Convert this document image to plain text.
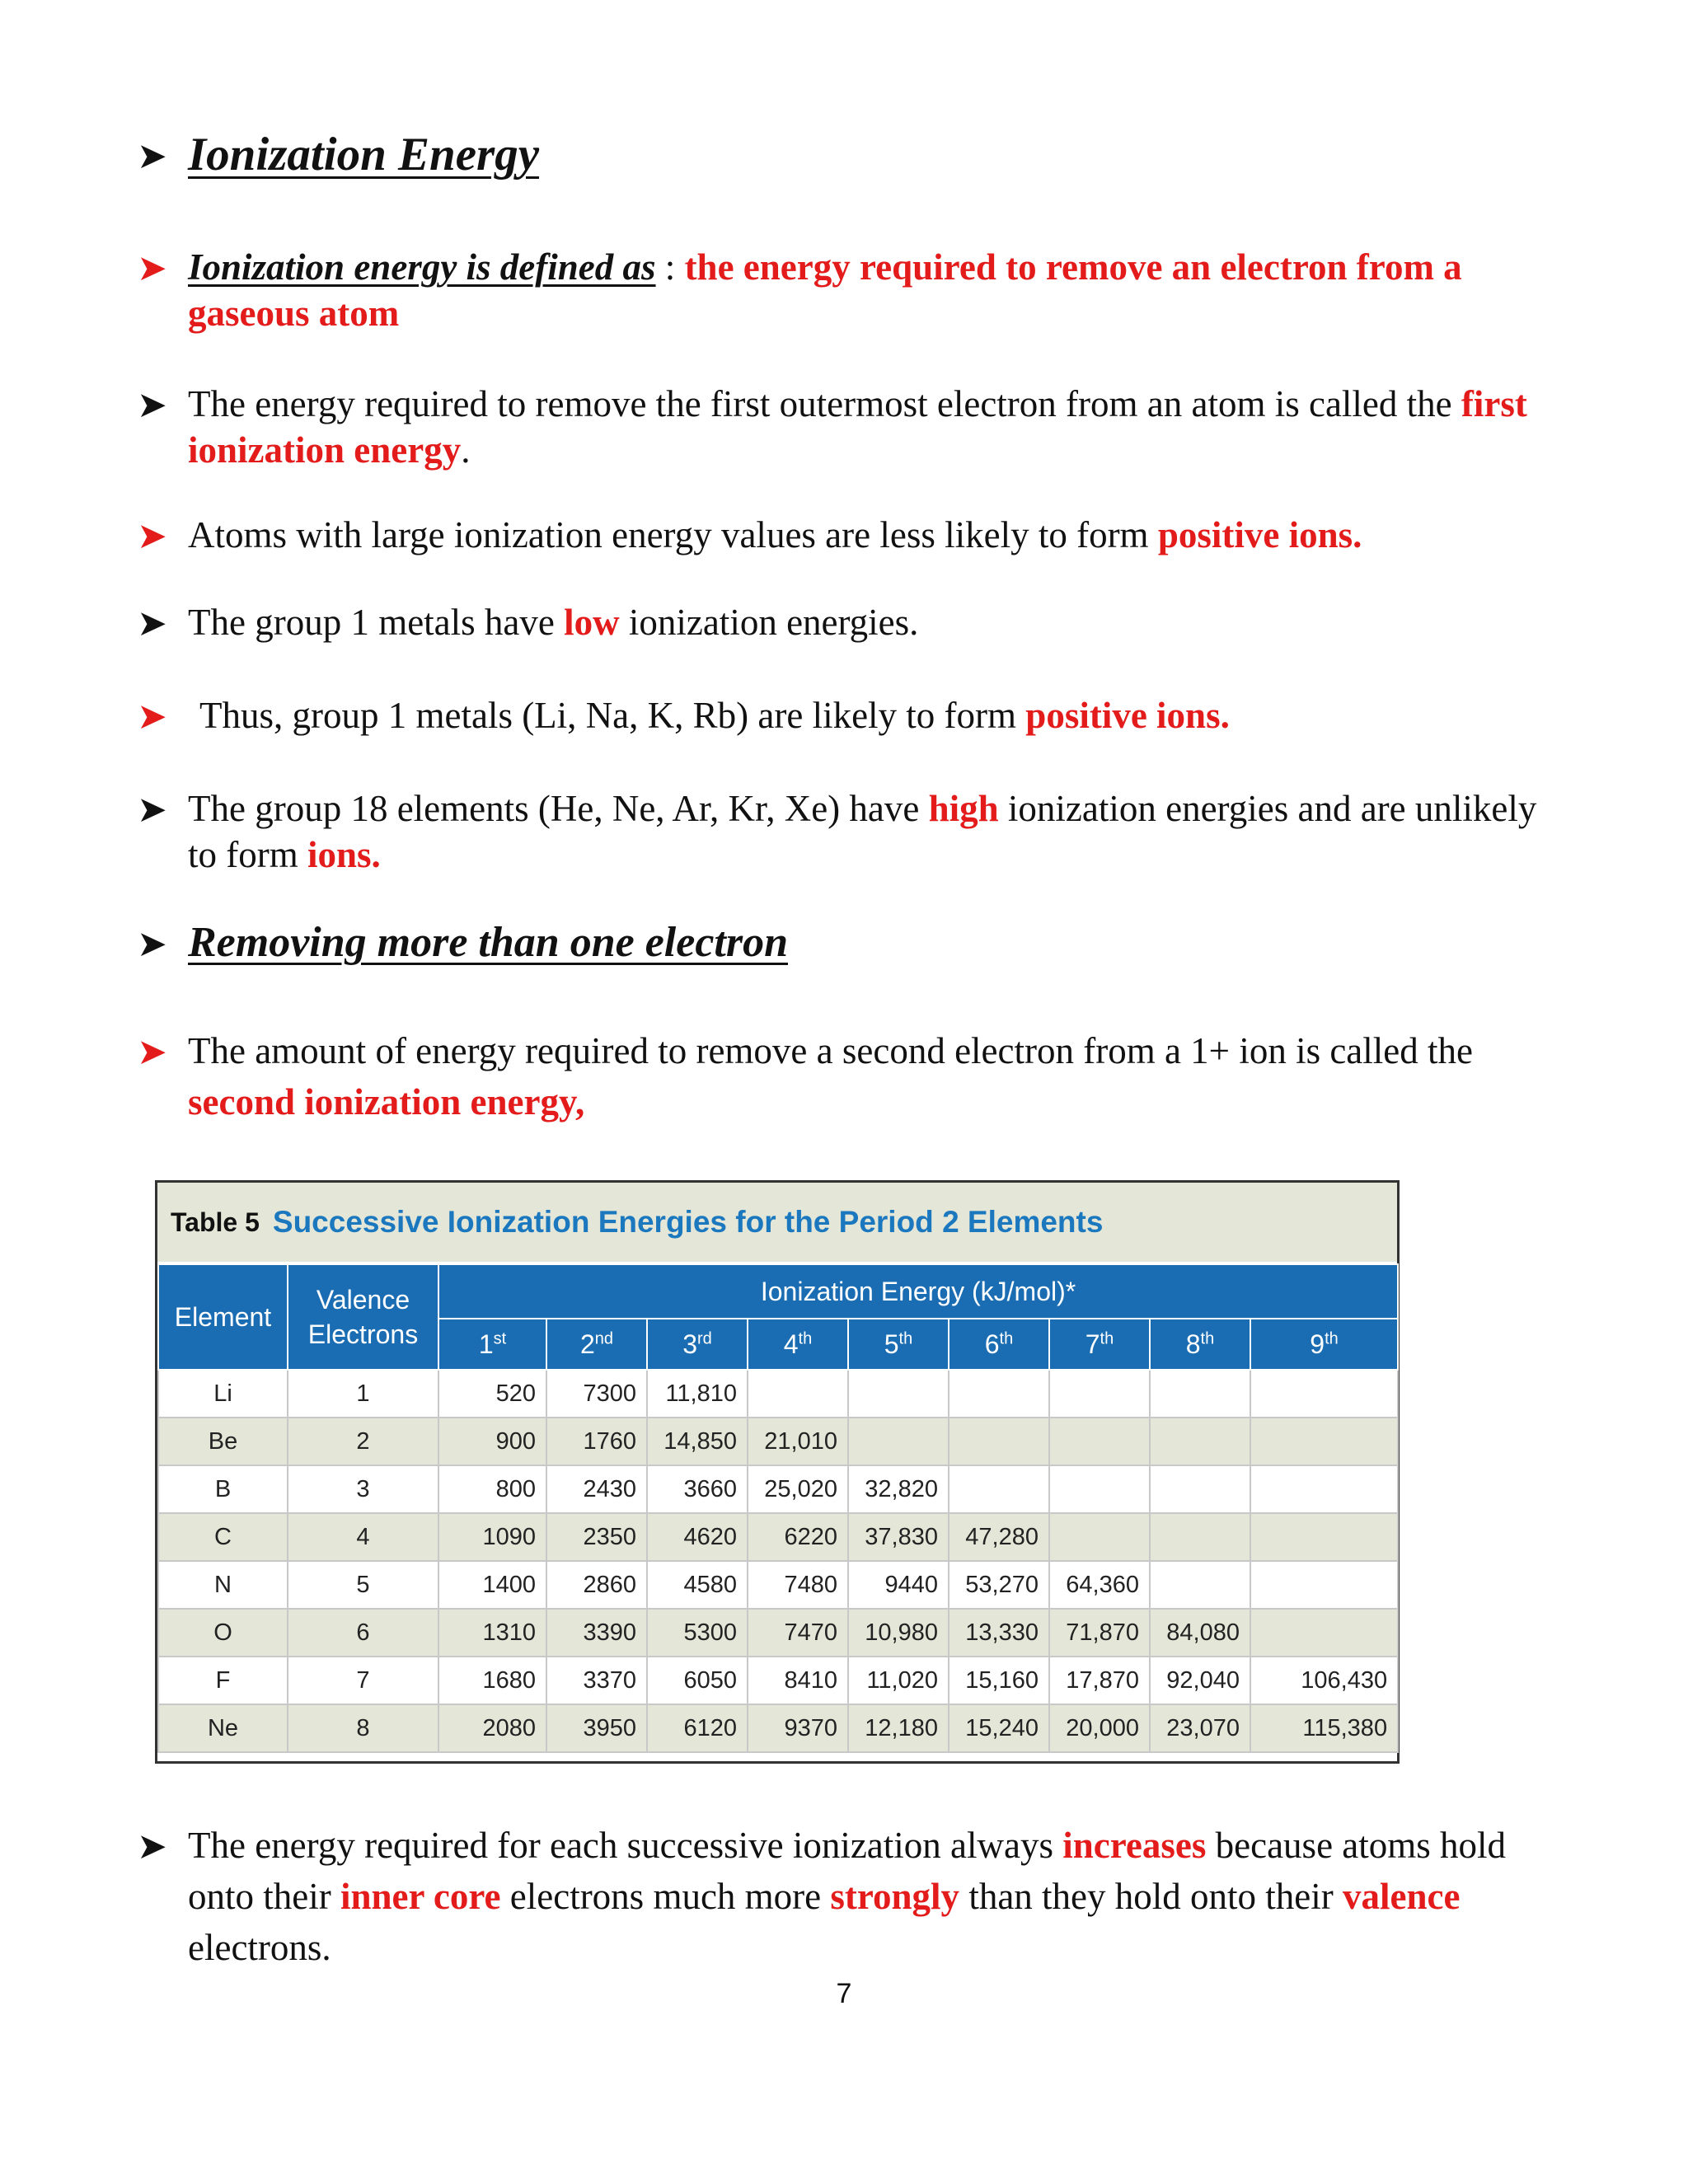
➤ Ionization Energy
➤ Ionization energy is defined as : the energy required to remove an electron from a gaseous atom
➤ The energy required to remove the first outermost electron from an atom is called the first ionization energy.
➤ Atoms with large ionization energy values are less likely to form positive ions.
➤ The group 1 metals have low ionization energies.
➤ Thus, group 1 metals (Li, Na, K, Rb) are likely to form positive ions.
➤ The group 18 elements (He, Ne, Ar, Kr, Xe) have high ionization energies and are unlikely to form ions.
➤ Removing more than one electron
➤ The amount of energy required to remove a second electron from a 1+ ion is called the second ionization energy,
Table 5 Successive Ionization Energies for the Period 2 Elements
Element	Valence Electrons	Ionization Energy (kJ/mol)*								
		1st	2nd	3rd	4th	5th	6th	7th	8th	9th
Li	1	520	7300	11,810						
Be	2	900	1760	14,850	21,010					
B	3	800	2430	3660	25,020	32,820				
C	4	1090	2350	4620	6220	37,830	47,280			
N	5	1400	2860	4580	7480	9440	53,270	64,360		
O	6	1310	3390	5300	7470	10,980	13,330	71,870	84,080	
F	7	1680	3370	6050	8410	11,020	15,160	17,870	92,040	106,430
Ne	8	2080	3950	6120	9370	12,180	15,240	20,000	23,070	115,380
➤ The energy required for each successive ionization always increases because atoms hold onto their inner core electrons much more strongly than they hold onto their valence electrons.
7
